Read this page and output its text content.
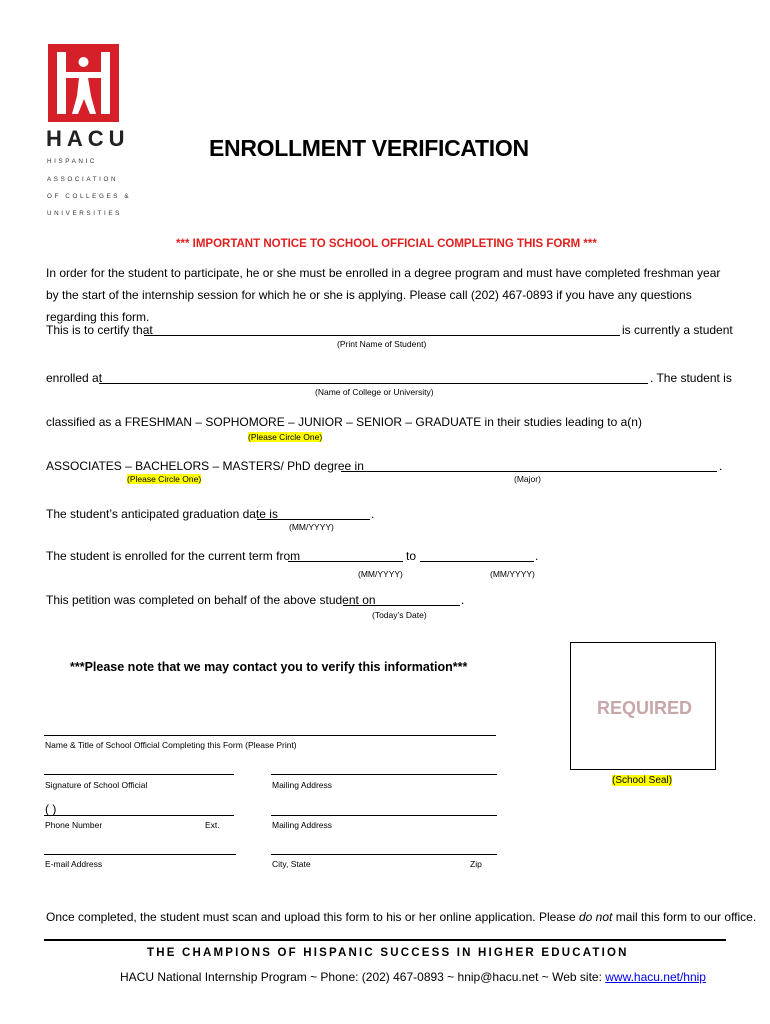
HACU
HISPANIC
ASSOCIATION
OF COLLEGES &
UNIVERSITIES
ENROLLMENT VERIFICATION
*** IMPORTANT NOTICE TO SCHOOL OFFICIAL COMPLETING THIS FORM ***
In order for the student to participate, he or she must be enrolled in a degree program and must have completed freshman year by the start of the internship session for which he or she is applying. Please call (202) 467-0893 if you have any questions regarding this form.
This is to certify that	is currently a student
(Print Name of Student)
enrolled at	. The student is
(Name of College or University)
classified as a FRESHMAN – SOPHOMORE – JUNIOR – SENIOR – GRADUATE in their studies leading to a(n)
(Please Circle One)
ASSOCIATES – BACHELORS – MASTERS/ PhD degree in	.
(Please Circle One)	(Major)
The student’s anticipated graduation date is	.
(MM/YYYY)
The student is enrolled for the current term from	to	.
(MM/YYYY)	(MM/YYYY)
This petition was completed on behalf of the above student on	.
(Today’s Date)
***Please note that we may contact you to verify this information***
REQUIRED
(School Seal)
Name & Title of School Official Completing this Form (Please Print)
Signature of School Official	Mailing Address
( )
Phone Number	Ext.	Mailing Address
E-mail Address	City, State	Zip
Once completed, the student must scan and upload this form to his or her online application. Please do not mail this form to our office.
THE CHAMPIONS OF HISPANIC SUCCESS IN HIGHER EDUCATION
HACU National Internship Program ~ Phone: (202) 467-0893 ~ hnip@hacu.net ~ Web site: www.hacu.net/hnip
